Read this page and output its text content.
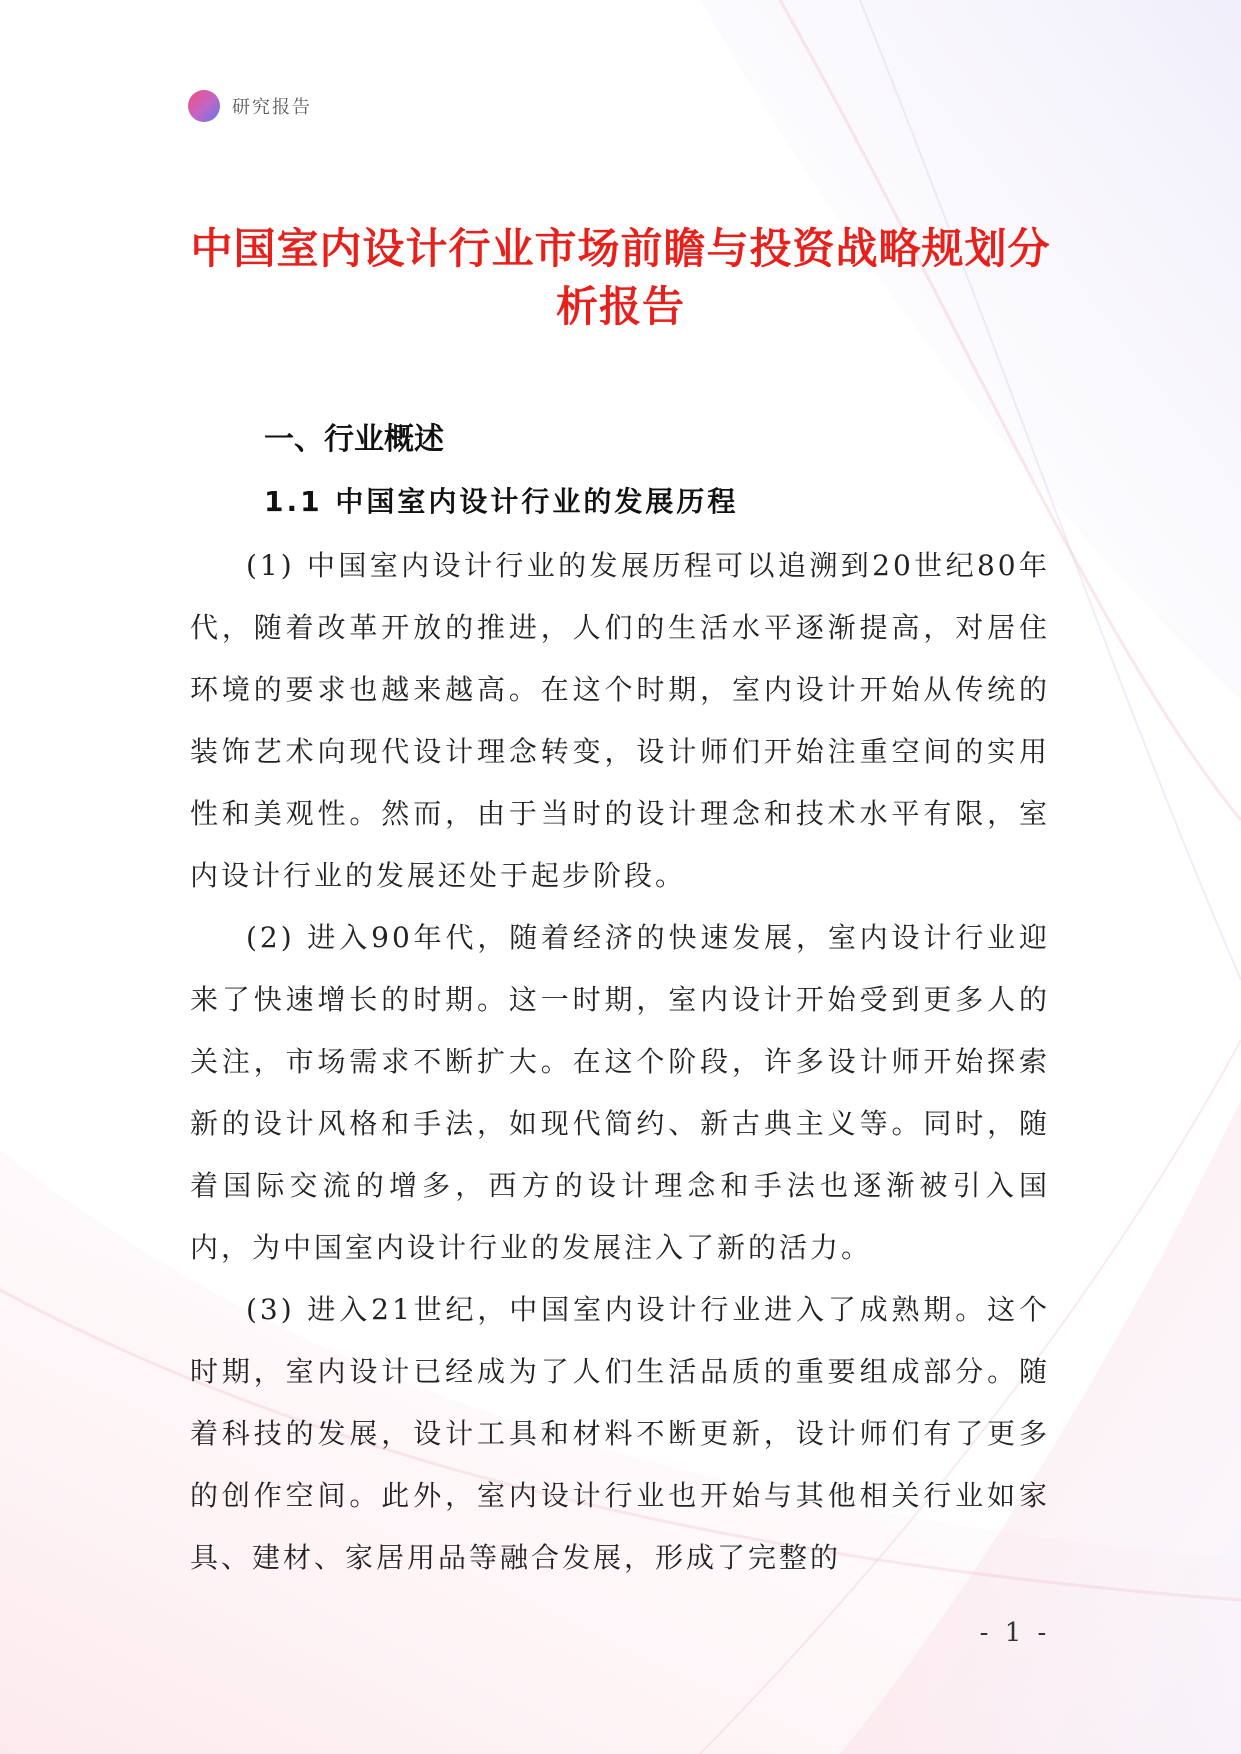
研究报告
中国室内设计行业市场前瞻与投资战略规划分析报告
一、行业概述
1.1 中国室内设计行业的发展历程

(1) 中国室内设计行业的发展历程可以追溯到20世纪80年代，随着改革开放的推进，人们的生活水平逐渐提高，对居住环境的要求也越来越高。在这个时期，室内设计开始从传统的装饰艺术向现代设计理念转变，设计师们开始注重空间的实用性和美观性。然而，由于当时的设计理念和技术水平有限，室内设计行业的发展还处于起步阶段。

(2) 进入90年代，随着经济的快速发展，室内设计行业迎来了快速增长的时期。这一时期，室内设计开始受到更多人的关注，市场需求不断扩大。在这个阶段，许多设计师开始探索新的设计风格和手法，如现代简约、新古典主义等。同时，随着国际交流的增多，西方的设计理念和手法也逐渐被引入国内，为中国室内设计行业的发展注入了新的活力。

(3) 进入21世纪，中国室内设计行业进入了成熟期。这个时期，室内设计已经成为了人们生活品质的重要组成部分。随着科技的发展，设计工具和材料不断更新，设计师们有了更多的创作空间。此外，室内设计行业也开始与其他相关行业如家具、建材、家居用品等融合发展，形成了完整的

- 1 -
